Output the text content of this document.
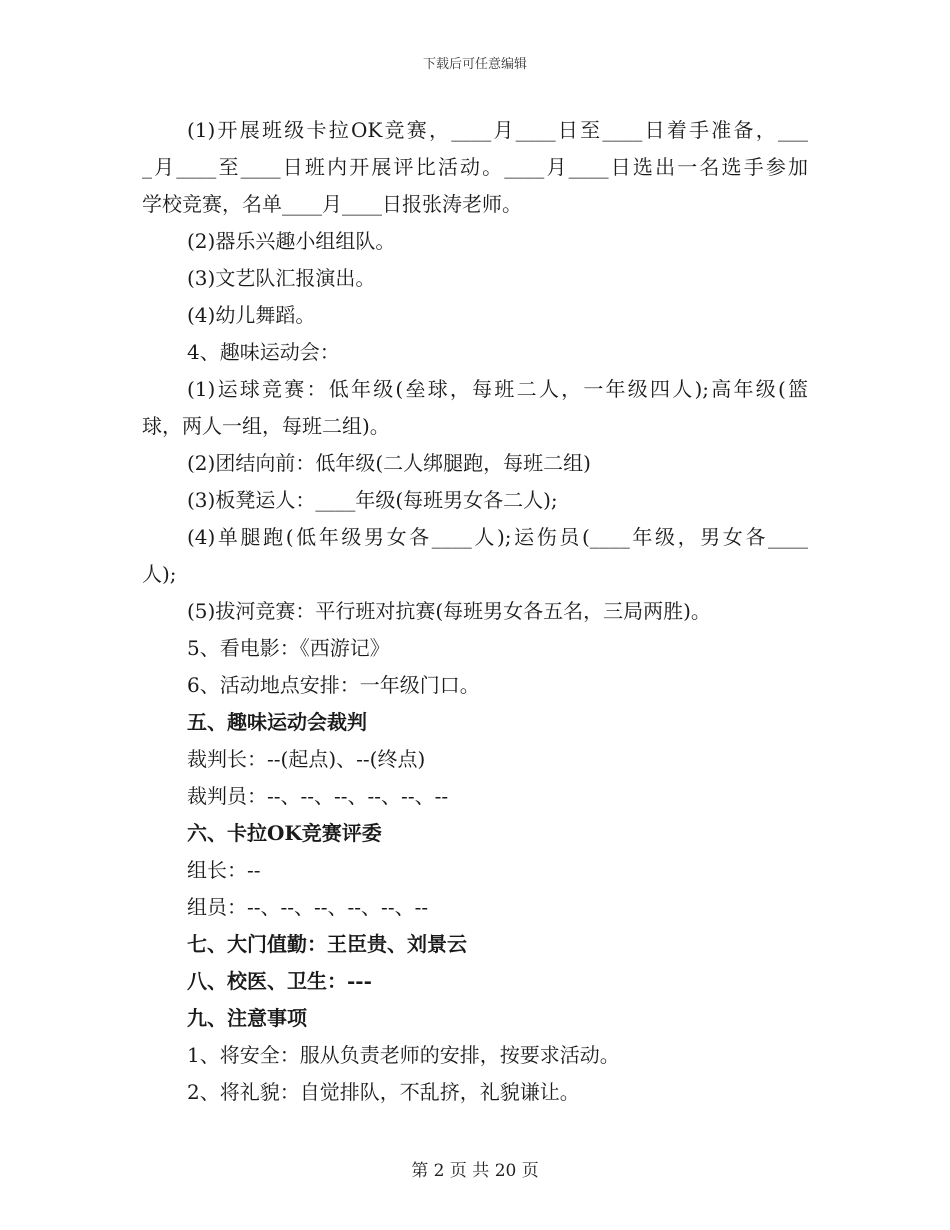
下载后可任意编辑
(1)开展班级卡拉OK竞赛，____月____日至____日着手准备，___
_月____至____日班内开展评比活动。____月____日选出一名选手参加
学校竞赛，名单____月____日报张涛老师。
(2)器乐兴趣小组组队。
(3)文艺队汇报演出。
(4)幼儿舞蹈。
4、趣味运动会：
(1)运球竞赛：低年级(垒球，每班二人，一年级四人);高年级(篮
球，两人一组，每班二组)。
(2)团结向前：低年级(二人绑腿跑，每班二组)
(3)板凳运人：____年级(每班男女各二人);
(4)单腿跑(低年级男女各____人);运伤员(____年级，男女各____
人);
(5)拔河竞赛：平行班对抗赛(每班男女各五名，三局两胜)。
5、看电影：《西游记》
6、活动地点安排：一年级门口。
五、趣味运动会裁判
裁判长：--(起点)、--(终点)
裁判员：--、--、--、--、--、--
六、卡拉OK竞赛评委
组长：--
组员：--、--、--、--、--、--
七、大门值勤：王臣贵、刘景云
八、校医、卫生：---
九、注意事项
1、将安全：服从负责老师的安排，按要求活动。
2、将礼貌：自觉排队，不乱挤，礼貌谦让。
第 2 页 共 20 页
